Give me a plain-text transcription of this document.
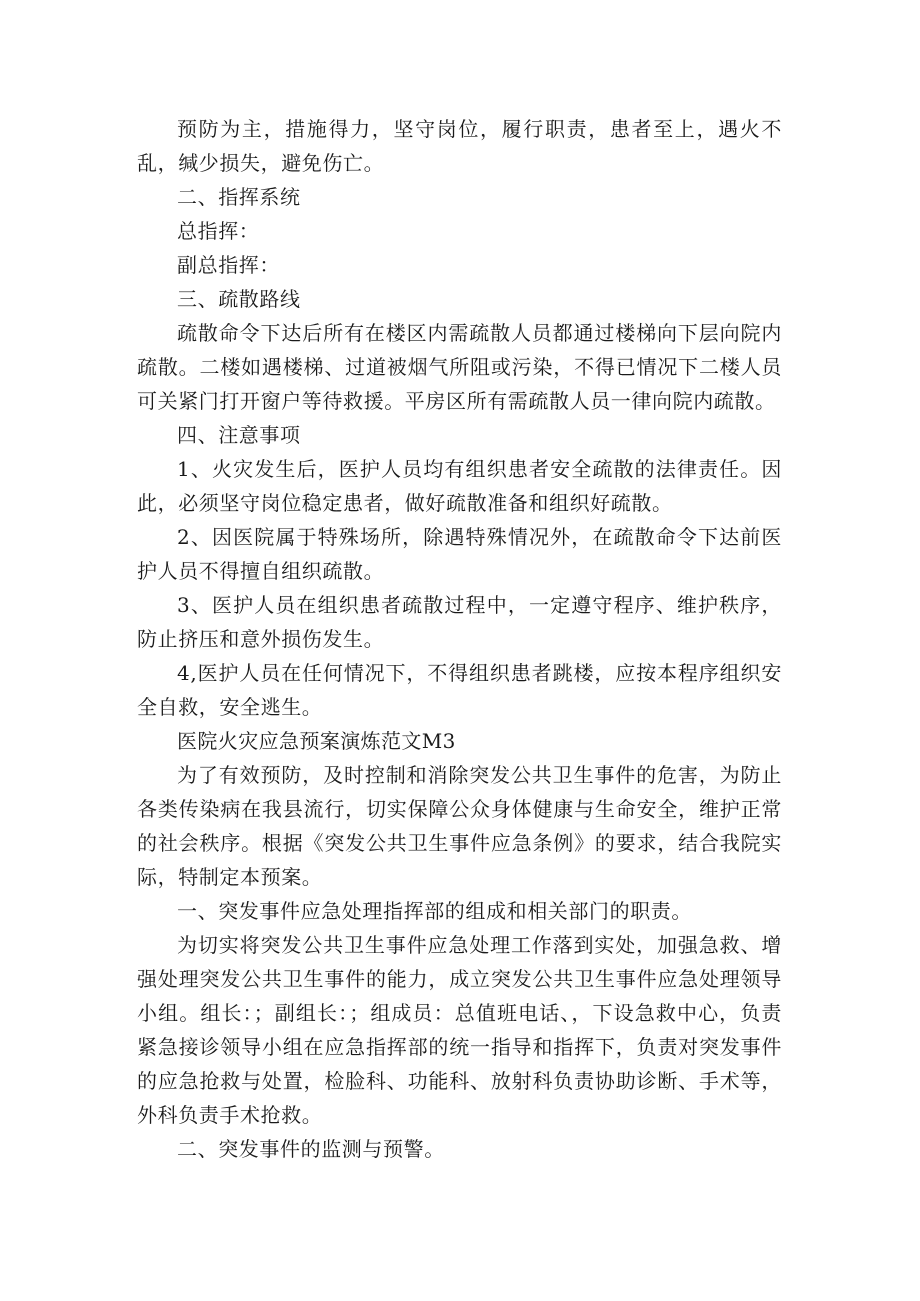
预防为主，措施得力，坚守岗位，履行职责，患者至上，遇火不乱，缄少损失，避免伤亡。

二、指挥系统

总指挥：

副总指挥：

三、疏散路线

疏散命令下达后所有在楼区内需疏散人员都通过楼梯向下层向院内疏散。二楼如遇楼梯、过道被烟气所阻或污染，不得已情况下二楼人员可关紧门打开窗户等待救援。平房区所有需疏散人员一律向院内疏散。

四、注意事项

1、火灾发生后，医护人员均有组织患者安全疏散的法律责任。因此，必须坚守岗位稳定患者，做好疏散准备和组织好疏散。

2、因医院属于特殊场所，除遇特殊情况外，在疏散命令下达前医护人员不得擅自组织疏散。

3、医护人员在组织患者疏散过程中，一定遵守程序、维护秩序，防止挤压和意外损伤发生。

4,医护人员在任何情况下，不得组织患者跳楼，应按本程序组织安全自救，安全逃生。

医院火灾应急预案演炼范文M3

为了有效预防，及时控制和消除突发公共卫生事件的危害，为防止各类传染病在我县流行，切实保障公众身体健康与生命安全，维护正常的社会秩序。根据《突发公共卫生事件应急条例》的要求，结合我院实际，特制定本预案。

一、突发事件应急处理指挥部的组成和相关部门的职责。

为切实将突发公共卫生事件应急处理工作落到实处，加强急救、增强处理突发公共卫生事件的能力，成立突发公共卫生事件应急处理领导小组。组长：；副组长：；组成员：总值班电话、，下设急救中心，负责紧急接诊领导小组在应急指挥部的统一指导和指挥下，负责对突发事件的应急抢救与处置，检脸科、功能科、放射科负责协助诊断、手术等，外科负责手术抢救。

二、突发事件的监测与预警。
